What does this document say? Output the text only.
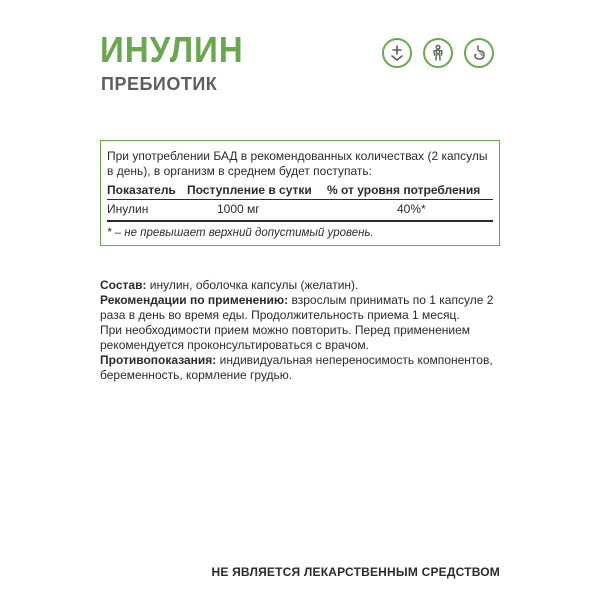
ИНУЛИН
ПРЕБИОТИК

При употреблении БАД в рекомендованных количествах (2 капсулы в день), в организм в среднем будет поступать:

Показатель	Поступление в сутки	% от уровня потребления
Инулин	1000 мг	40%*
* – не превышает верхний допустимый уровень.

Состав: инулин, оболочка капсулы (желатин).

Рекомендации по применению: взрослым принимать по 1 капсуле 2 раза в день во время еды. Продолжительность приема 1 месяц.

При необходимости прием можно повторить. Перед применением рекомендуется проконсультироваться с врачом.

Противопоказания: индивидуальная непереносимость компонентов, беременность, кормление грудью.

НЕ ЯВЛЯЕТСЯ ЛЕКАРСТВЕННЫМ СРЕДСТВОМ
